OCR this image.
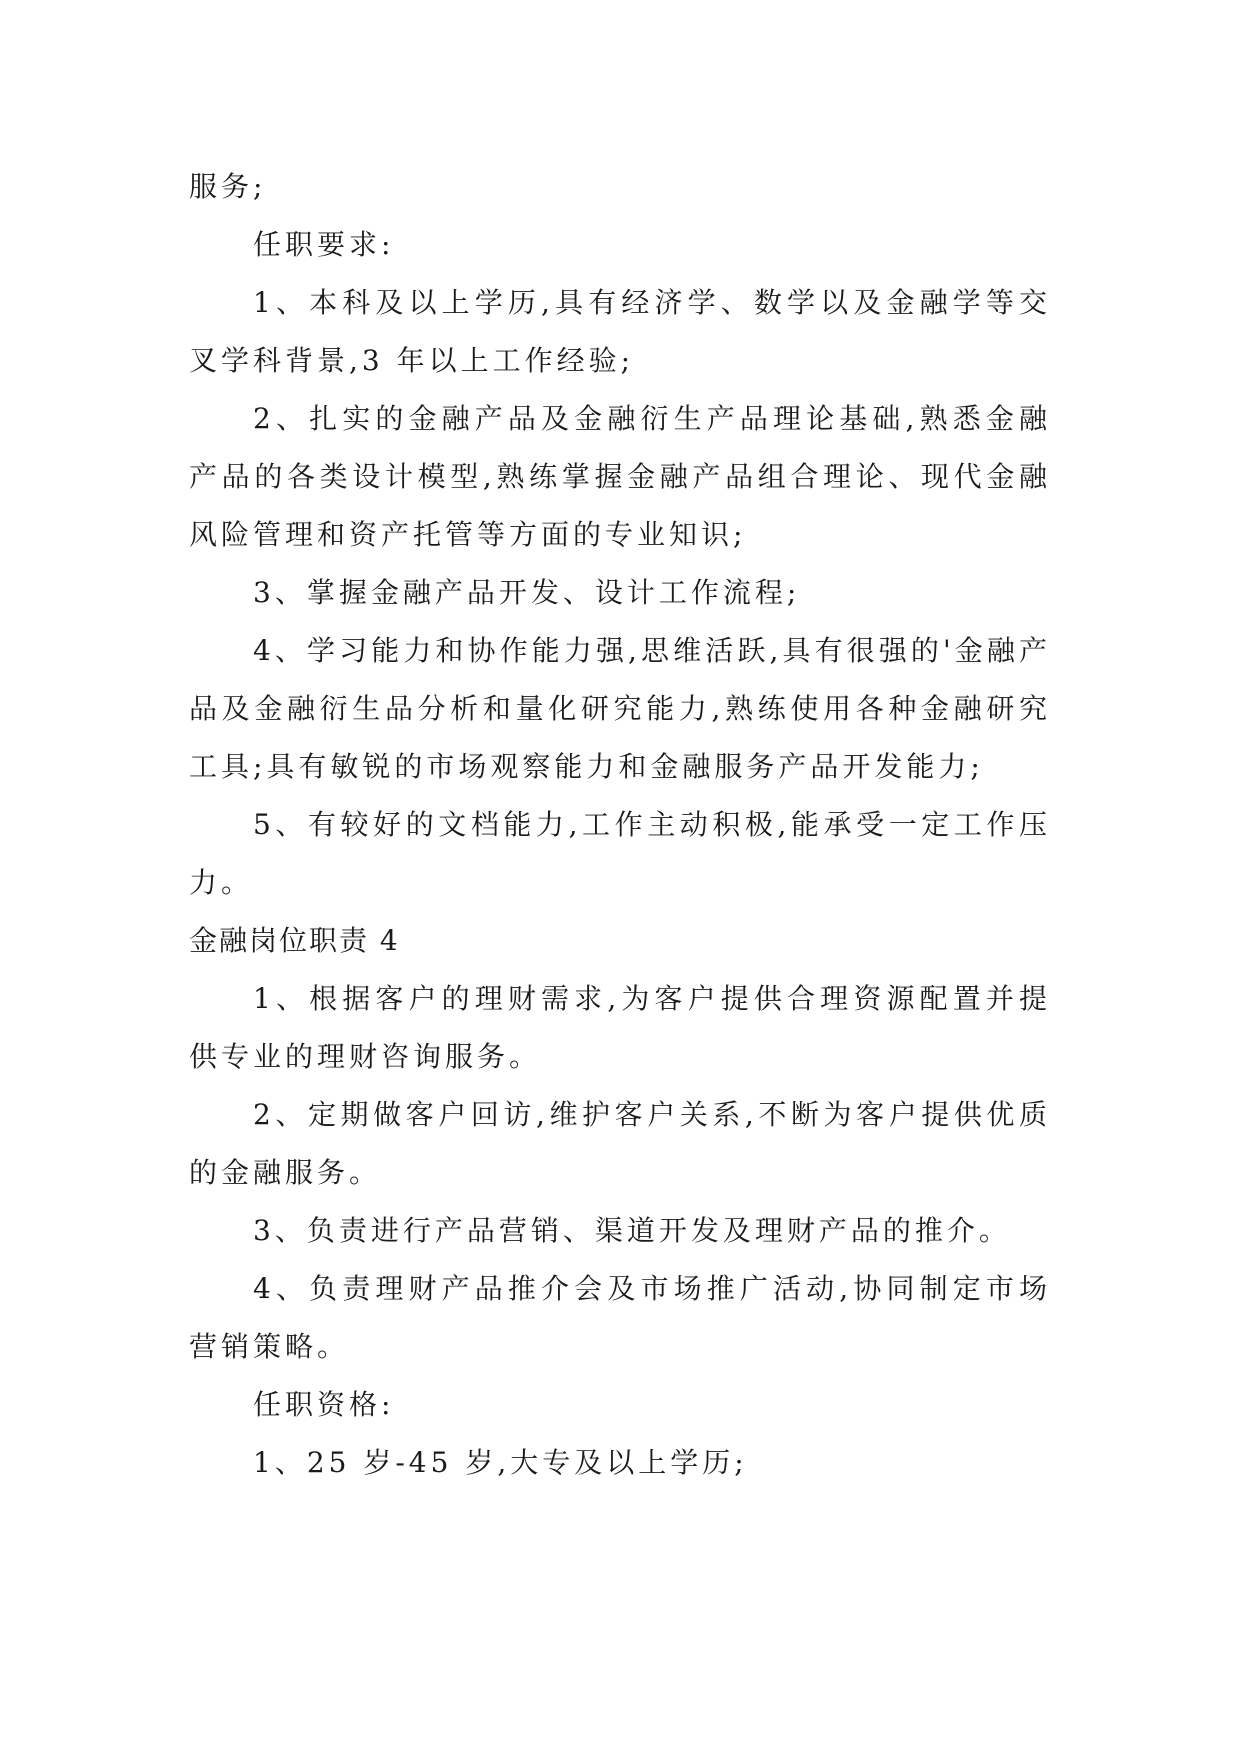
服务;

任职要求:

1、本科及以上学历,具有经济学、数学以及金融学等交叉学科背景,3 年以上工作经验;

2、扎实的金融产品及金融衍生产品理论基础,熟悉金融产品的各类设计模型,熟练掌握金融产品组合理论、现代金融风险管理和资产托管等方面的专业知识;

3、掌握金融产品开发、设计工作流程;

4、学习能力和协作能力强,思维活跃,具有很强的'金融产品及金融衍生品分析和量化研究能力,熟练使用各种金融研究工具;具有敏锐的市场观察能力和金融服务产品开发能力;

5、有较好的文档能力,工作主动积极,能承受一定工作压力。

金融岗位职责 4

1、根据客户的理财需求,为客户提供合理资源配置并提供专业的理财咨询服务。

2、定期做客户回访,维护客户关系,不断为客户提供优质的金融服务。

3、负责进行产品营销、渠道开发及理财产品的推介。

4、负责理财产品推介会及市场推广活动,协同制定市场营销策略。

任职资格:

1、25 岁-45 岁,大专及以上学历;
